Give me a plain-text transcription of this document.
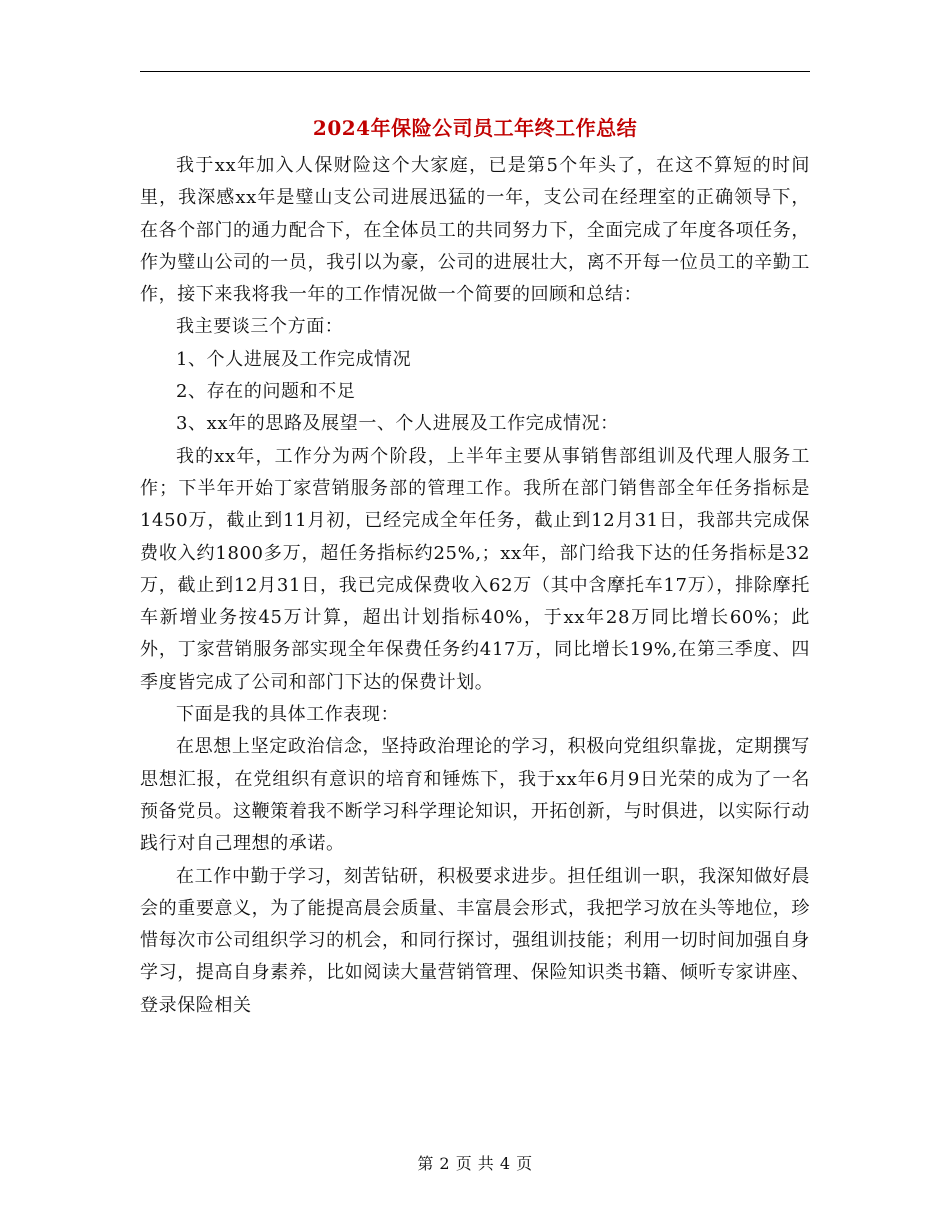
2024年保险公司员工年终工作总结

我于xx年加入人保财险这个大家庭，已是第5个年头了，在这不算短的时间里，我深感xx年是璧山支公司进展迅猛的一年，支公司在经理室的正确领导下，在各个部门的通力配合下，在全体员工的共同努力下，全面完成了年度各项任务，作为璧山公司的一员，我引以为豪，公司的进展壮大，离不开每一位员工的辛勤工作，接下来我将我一年的工作情况做一个简要的回顾和总结：

我主要谈三个方面：

1、个人进展及工作完成情况

2、存在的问题和不足

3、xx年的思路及展望一、个人进展及工作完成情况：

我的xx年，工作分为两个阶段，上半年主要从事销售部组训及代理人服务工作；下半年开始丁家营销服务部的管理工作。我所在部门销售部全年任务指标是1450万，截止到11月初，已经完成全年任务，截止到12月31日，我部共完成保费收入约1800多万，超任务指标约25%,；xx年，部门给我下达的任务指标是32万，截止到12月31日，我已完成保费收入62万（其中含摩托车17万），排除摩托车新增业务按45万计算，超出计划指标40%，于xx年28万同比增长60%；此外，丁家营销服务部实现全年保费任务约417万，同比增长19%,在第三季度、四季度皆完成了公司和部门下达的保费计划。

下面是我的具体工作表现：

在思想上坚定政治信念，坚持政治理论的学习，积极向党组织靠拢，定期撰写思想汇报，在党组织有意识的培育和锤炼下，我于xx年6月9日光荣的成为了一名预备党员。这鞭策着我不断学习科学理论知识，开拓创新，与时俱进，以实际行动践行对自己理想的承诺。

在工作中勤于学习，刻苦钻研，积极要求进步。担任组训一职，我深知做好晨会的重要意义，为了能提高晨会质量、丰富晨会形式，我把学习放在头等地位，珍惜每次市公司组织学习的机会，和同行探讨，强组训技能；利用一切时间加强自身学习，提高自身素养，比如阅读大量营销管理、保险知识类书籍、倾听专家讲座、登录保险相关

第 2 页 共 4 页
